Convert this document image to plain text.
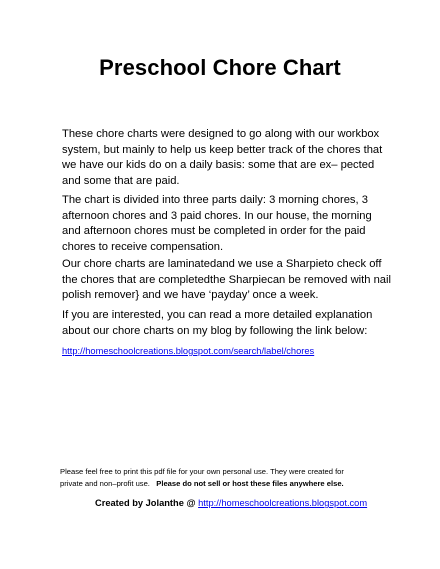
Preschool Chore Chart

These chore charts were designed to go along with our workbox system, but mainly to help us keep better track of the chores that we have our kids do on a daily basis: some that are ex– pected and some that are paid.

The chart is divided into three parts daily: 3 morning chores, 3 afternoon chores and 3 paid chores. In our house, the morning and afternoon chores must be completed in order for the paid chores to receive compensation.

Our chore charts are laminatedand we use a Sharpieto check off the chores that are completedthe Sharpiecan be removed with nail polish remover} and we have ‘payday’ once a week.

If you are interested, you can read a more detailed explanation about our chore charts on my blog by following the link below:

http://homeschoolcreations.blogspot.com/search/label/chores
Please feel free to print this pdf file for your own personal use. They were created for
private and non–profit use. Please do not sell or host these files anywhere else.
Created by Jolanthe @ http://homeschoolcreations.blogspot.com
